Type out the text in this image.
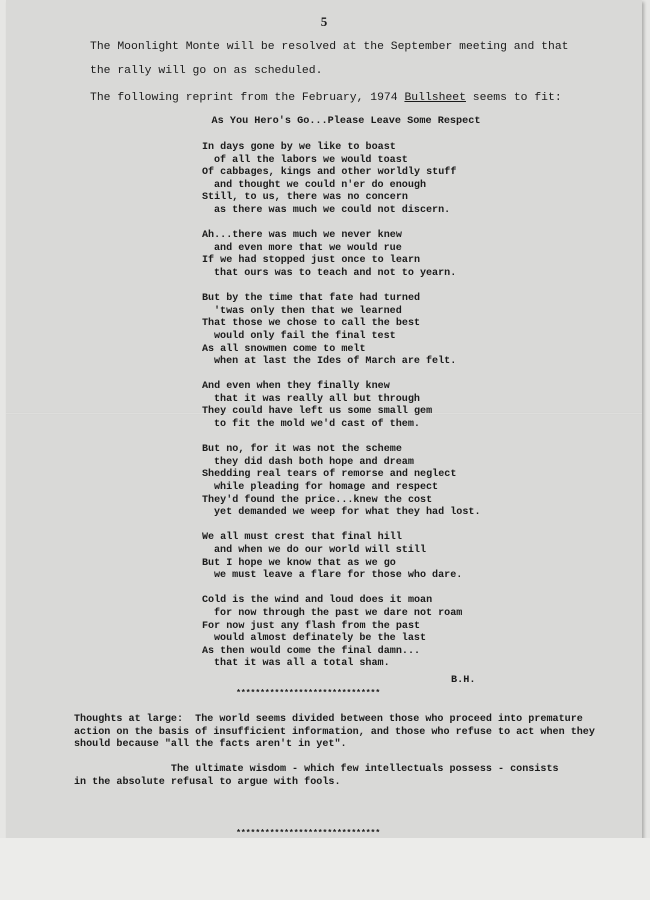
5

The Moonlight Monte will be resolved at the September meeting and that

the rally will go on as scheduled.

The following reprint from the February, 1974 Bullsheet seems to fit:

As You Hero's Go...Please Leave Some Respect
In days gone by we like to boast
of all the labors we would toast
Of cabbages, kings and other worldly stuff
and thought we could n'er do enough
Still, to us, there was no concern
as there was much we could not discern.
Ah...there was much we never knew
and even more that we would rue
If we had stopped just once to learn
that ours was to teach and not to yearn.
But by the time that fate had turned
'twas only then that we learned
That those we chose to call the best
would only fail the final test
As all snowmen come to melt
when at last the Ides of March are felt.
And even when they finally knew
that it was really all but through
They could have left us some small gem
to fit the mold we'd cast of them.
But no, for it was not the scheme
they did dash both hope and dream
Shedding real tears of remorse and neglect
while pleading for homage and respect
They'd found the price...knew the cost
yet demanded we weep for what they had lost.
We all must crest that final hill
and when we do our world will still
But I hope we know that as we go
we must leave a flare for those who dare.
Cold is the wind and loud does it moan
for now through the past we dare not roam
For now just any flash from the past
would almost definately be the last
As then would come the final damn...
that it was all a total sham.
B.H.
******************************

Thoughts at large:  The world seems divided between those who proceed into premature

action on the basis of insufficient information, and those who refuse to act when they

should because "all the facts aren't in yet".

The ultimate wisdom - which few intellectuals possess - consists

in the absolute refusal to argue with fools.

******************************
